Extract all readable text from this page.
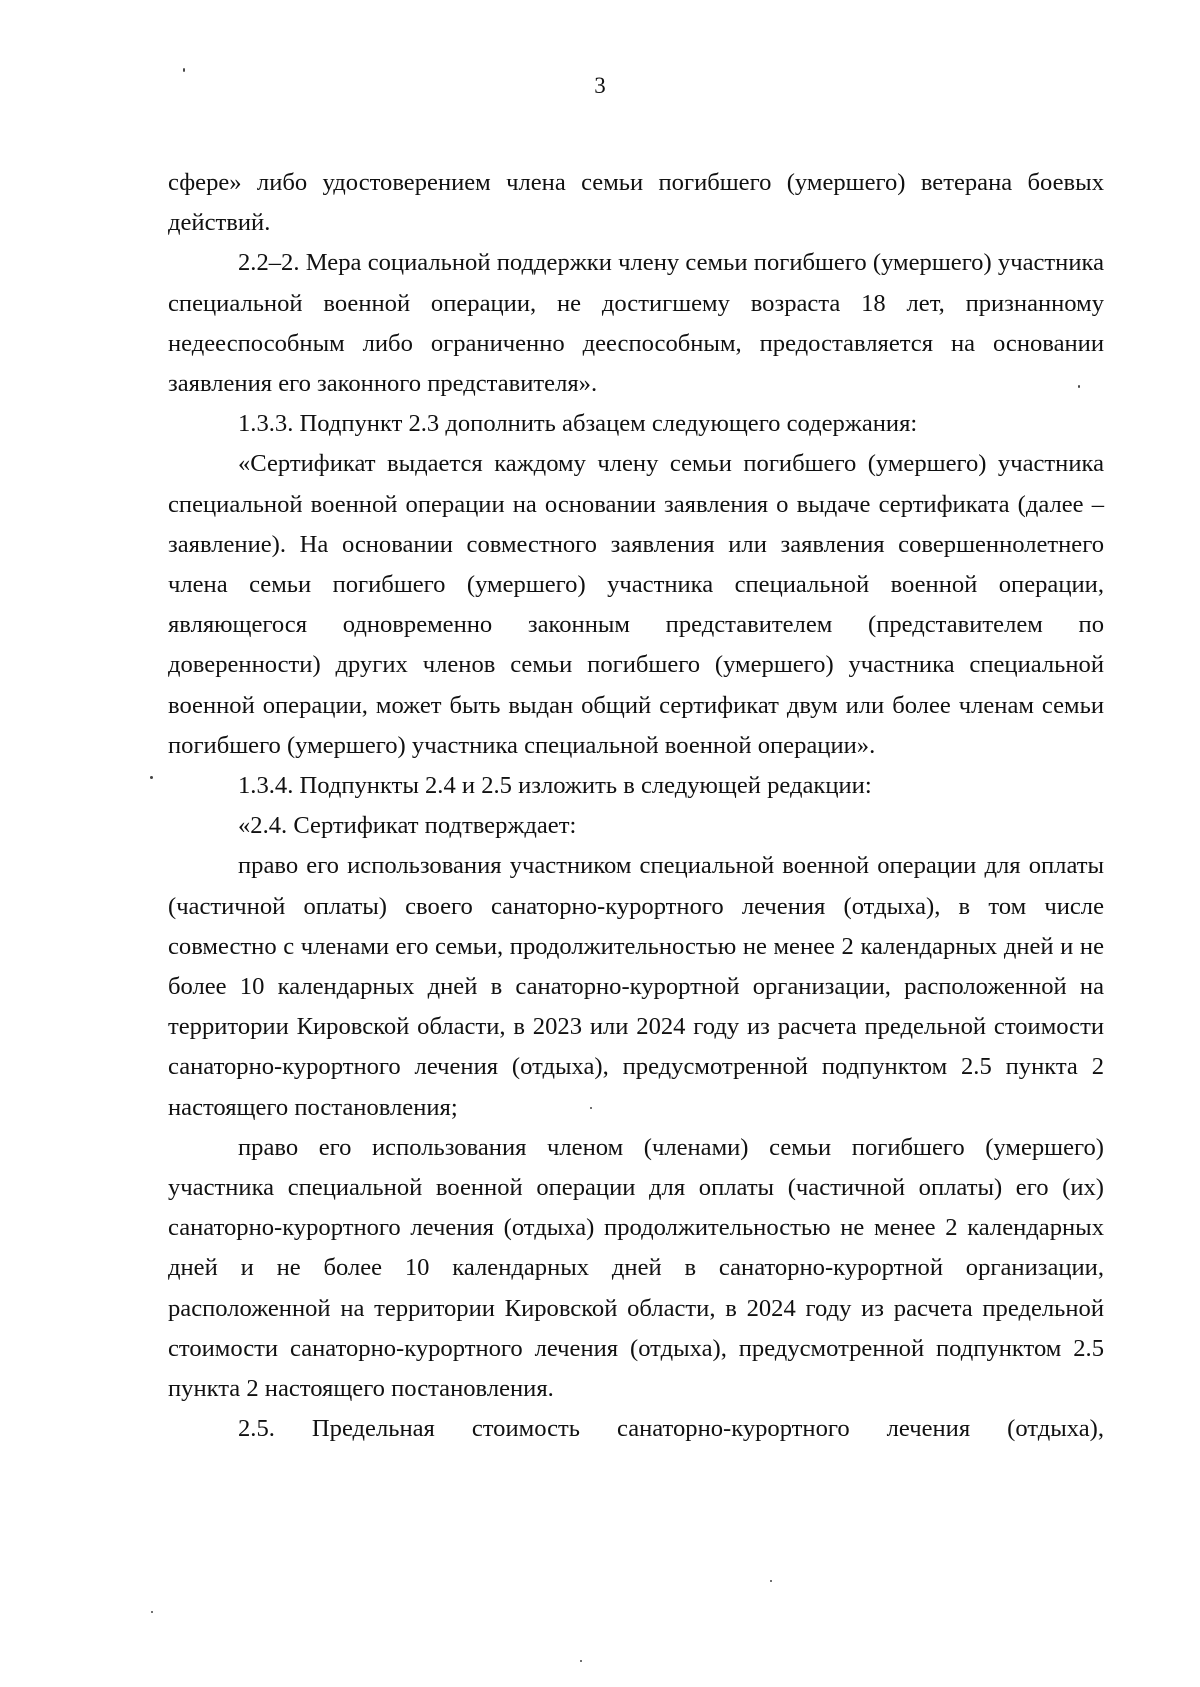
3

сфере» либо удостоверением члена семьи погибшего (умершего) ветерана боевых действий.

2.2–2. Мера социальной поддержки члену семьи погибшего (умершего) участника специальной военной операции, не достигшему возраста 18 лет, признанному недееспособным либо ограниченно дееспособным, предоставляется на основании заявления его законного представителя».

1.3.3. Подпункт 2.3 дополнить абзацем следующего содержания:

«Сертификат выдается каждому члену семьи погибшего (умершего) участника специальной военной операции на основании заявления о выдаче сертификата (далее – заявление). На основании совместного заявления или заявления совершеннолетнего члена семьи погибшего (умершего) участника специальной военной операции, являющегося одновременно законным представителем (представителем по доверенности) других членов семьи погибшего (умершего) участника специальной военной операции, может быть выдан общий сертификат двум или более членам семьи погибшего (умершего) участника специальной военной операции».

1.3.4. Подпункты 2.4 и 2.5 изложить в следующей редакции:

«2.4. Сертификат подтверждает:

право его использования участником специальной военной операции для оплаты (частичной оплаты) своего санаторно-курортного лечения (отдыха), в том числе совместно с членами его семьи, продолжительностью не менее 2 календарных дней и не более 10 календарных дней в санаторно-курортной организации, расположенной на территории Кировской области, в 2023 или 2024 году из расчета предельной стоимости санаторно-курортного лечения (отдыха), предусмотренной подпунктом 2.5 пункта 2 настоящего постановления;

право его использования членом (членами) семьи погибшего (умершего) участника специальной военной операции для оплаты (частичной оплаты) его (их) санаторно-курортного лечения (отдыха) продолжительностью не менее 2 календарных дней и не более 10 календарных дней в санаторно-курортной организации, расположенной на территории Кировской области, в 2024 году из расчета предельной стоимости санаторно-курортного лечения (отдыха), предусмотренной подпунктом 2.5 пункта 2 настоящего постановления.

2.5. Предельная стоимость санаторно-курортного лечения (отдыха),
